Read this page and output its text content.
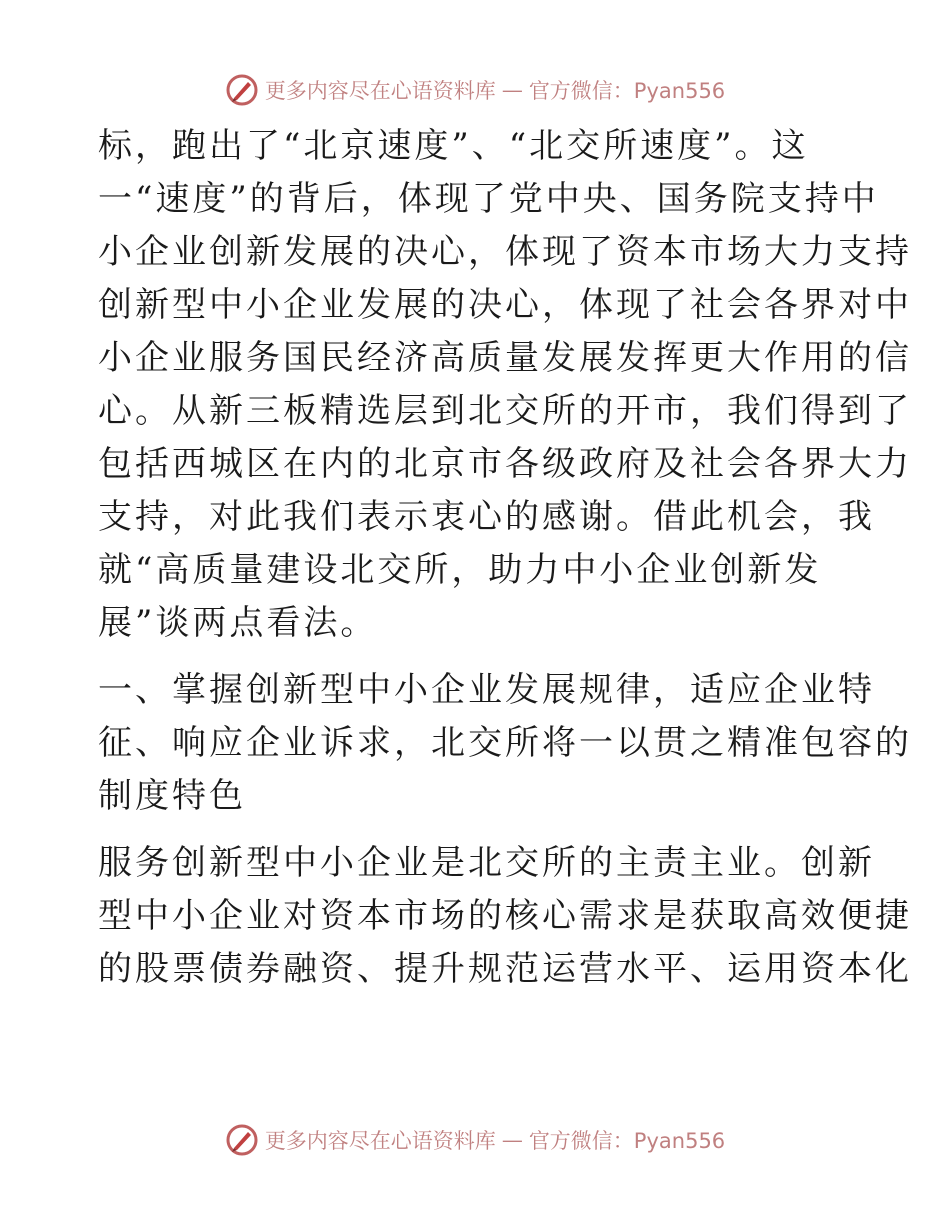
更多内容尽在心语资料库 — 官方微信：Pyan556
标，跑出了“北京速度”、“北交所速度”。这
一“速度”的背后，体现了党中央、国务院支持中
小企业创新发展的决心，体现了资本市场大力支持
创新型中小企业发展的决心，体现了社会各界对中
小企业服务国民经济高质量发展发挥更大作用的信
心。从新三板精选层到北交所的开市，我们得到了
包括西城区在内的北京市各级政府及社会各界大力
支持，对此我们表示衷心的感谢。借此机会，我
就“高质量建设北交所，助力中小企业创新发
展”谈两点看法。
一、掌握创新型中小企业发展规律，适应企业特
征、响应企业诉求，北交所将一以贯之精准包容的
制度特色
服务创新型中小企业是北交所的主责主业。创新
型中小企业对资本市场的核心需求是获取高效便捷
的股票债券融资、提升规范运营水平、运用资本化
更多内容尽在心语资料库 — 官方微信：Pyan556
